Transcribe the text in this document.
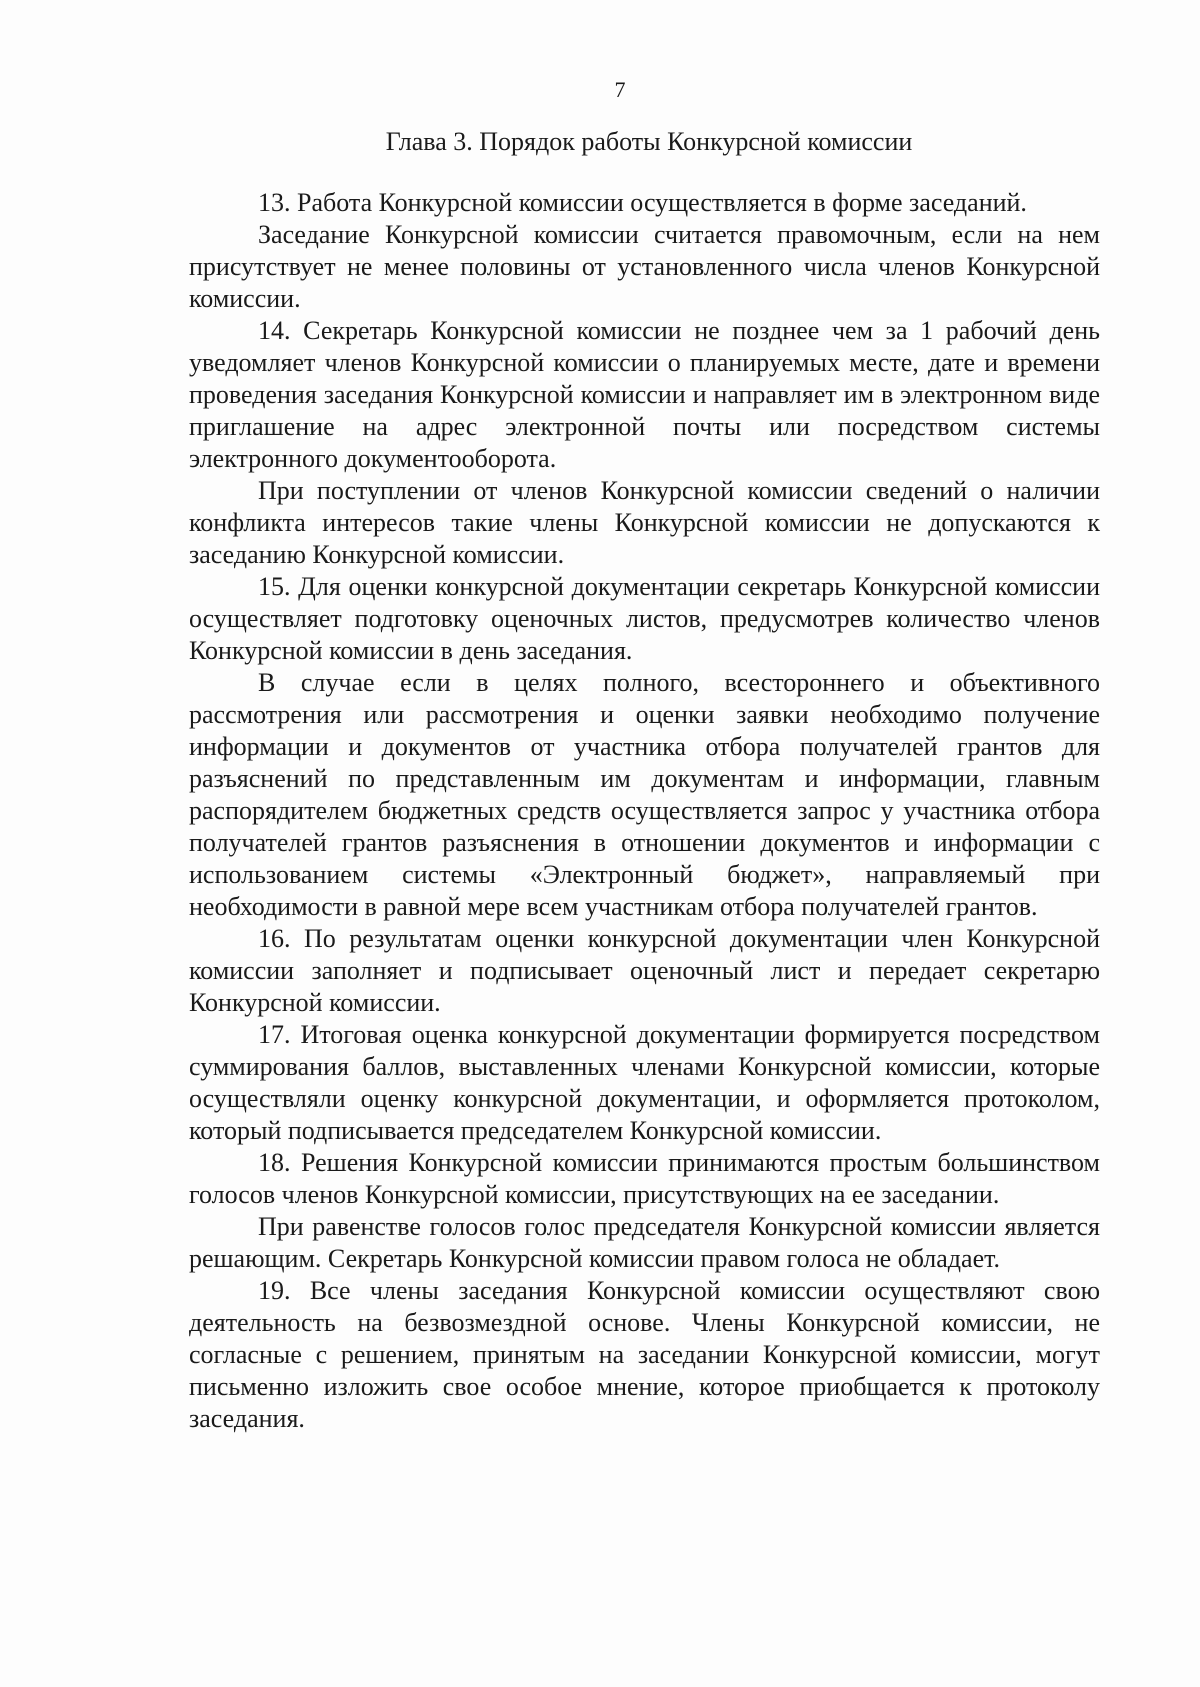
7
Глава 3. Порядок работы Конкурсной комиссии

13. Работа Конкурсной комиссии осуществляется в форме заседаний.

Заседание Конкурсной комиссии считается правомочным, если на нем присутствует не менее половины от установленного числа членов Конкурсной комиссии.

14. Секретарь Конкурсной комиссии не позднее чем за 1 рабочий день уведомляет членов Конкурсной комиссии о планируемых месте, дате и времени проведения заседания Конкурсной комиссии и направляет им в электронном виде приглашение на адрес электронной почты или посредством системы электронного документооборота.

При поступлении от членов Конкурсной комиссии сведений о наличии конфликта интересов такие члены Конкурсной комиссии не допускаются к заседанию Конкурсной комиссии.

15. Для оценки конкурсной документации секретарь Конкурсной комиссии осуществляет подготовку оценочных листов, предусмотрев количество членов Конкурсной комиссии в день заседания.

В случае если в целях полного, всестороннего и объективного рассмотрения или рассмотрения и оценки заявки необходимо получение информации и документов от участника отбора получателей грантов для разъяснений по представленным им документам и информации, главным распорядителем бюджетных средств осуществляется запрос у участника отбора получателей грантов разъяснения в отношении документов и информации с использованием системы «Электронный бюджет», направляемый при необходимости в равной мере всем участникам отбора получателей грантов.

16. По результатам оценки конкурсной документации член Конкурсной комиссии заполняет и подписывает оценочный лист и передает секретарю Конкурсной комиссии.

17. Итоговая оценка конкурсной документации формируется посредством суммирования баллов, выставленных членами Конкурсной комиссии, которые осуществляли оценку конкурсной документации, и оформляется протоколом, который подписывается председателем Конкурсной комиссии.

18. Решения Конкурсной комиссии принимаются простым большинством голосов членов Конкурсной комиссии, присутствующих на ее заседании.

При равенстве голосов голос председателя Конкурсной комиссии является решающим. Секретарь Конкурсной комиссии правом голоса не обладает.

19. Все члены заседания Конкурсной комиссии осуществляют свою деятельность на безвозмездной основе. Члены Конкурсной комиссии, не согласные с решением, принятым на заседании Конкурсной комиссии, могут письменно изложить свое особое мнение, которое приобщается к протоколу заседания.
